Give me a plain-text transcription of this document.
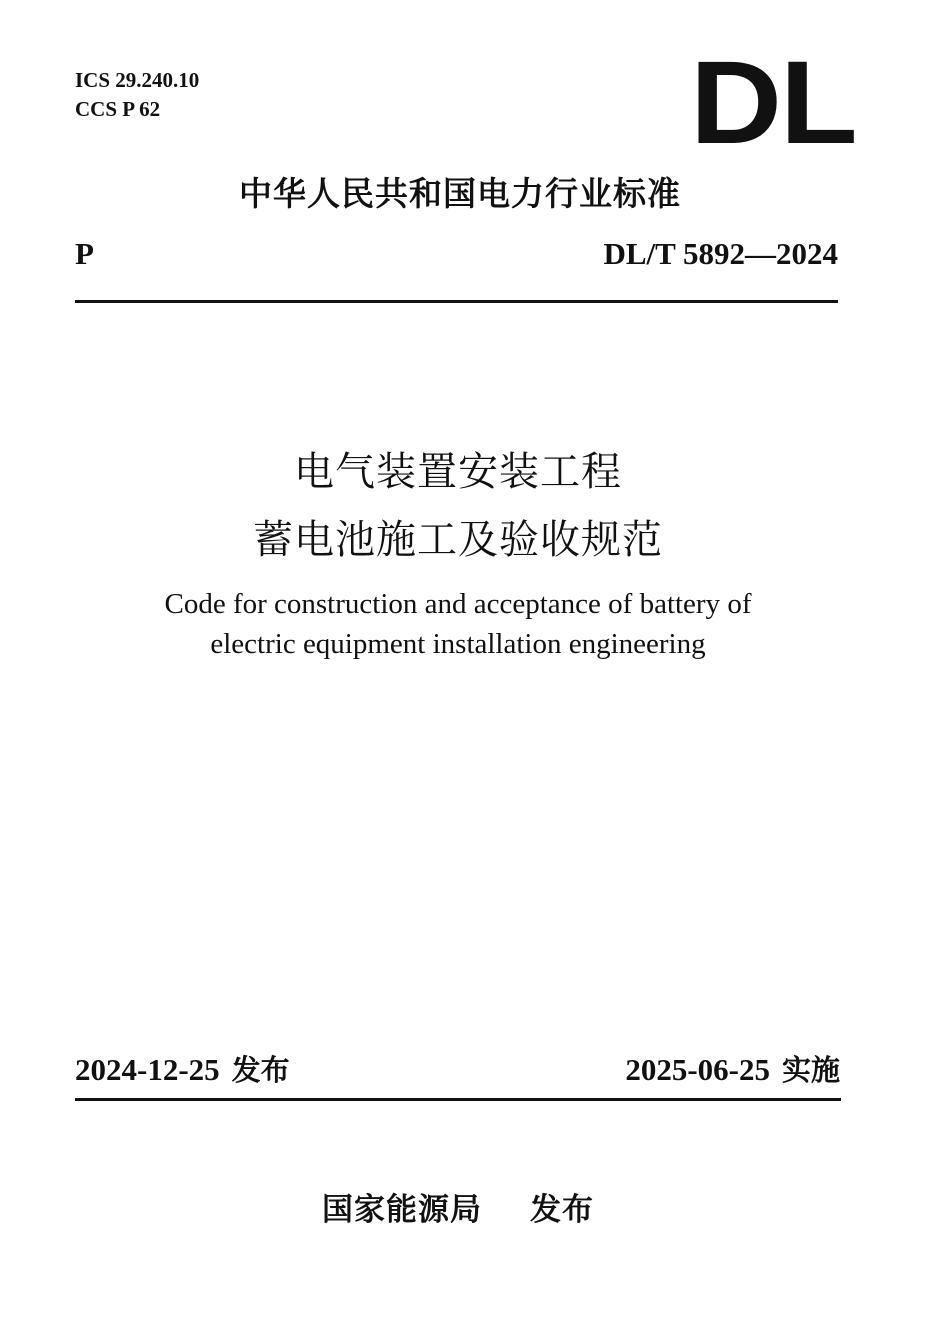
ICS 29.240.10
CCS P 62	DL
中华人民共和国电力行业标准
P	DL/T 5892—2024
电气装置安装工程
蓄电池施工及验收规范
Code for construction and acceptance of battery of
electric equipment installation engineering
2024-12-25 发布	2025-06-25 实施
国家能源局 发布
